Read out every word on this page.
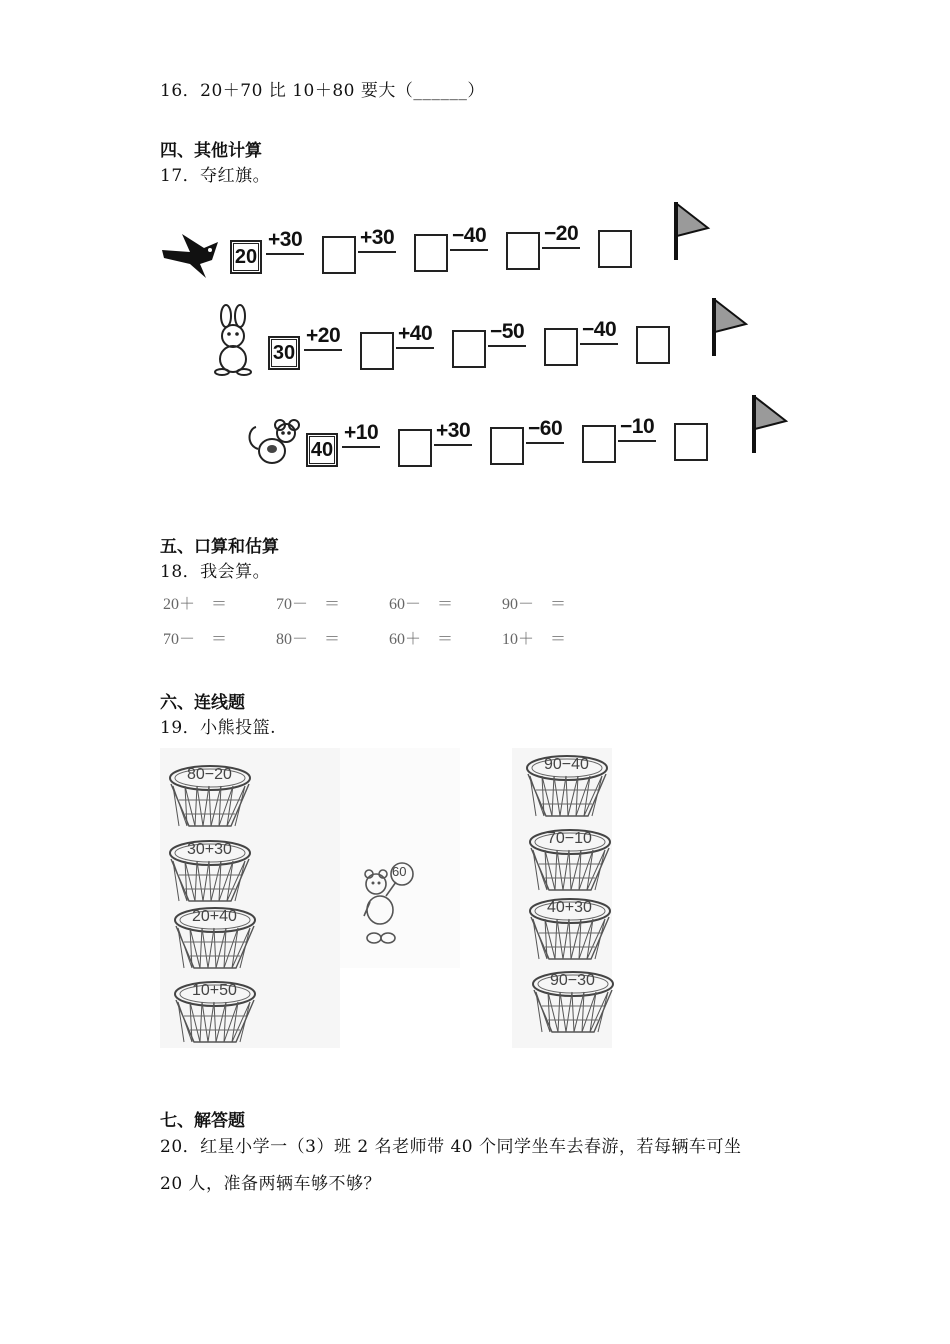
16．20＋70 比 10＋80 要大（______）
四、其他计算
17．夺红旗。
20
+30	+30	−40	−20
30
+20	+40	−50	−40
40
+10	+30	−60	−10
五、口算和估算
18．我会算。
20＋　＝	70－　＝	60－　＝	90－　＝
70－　＝	80－　＝	60＋　＝	10＋　＝
六、连线题
19．小熊投篮.
80−20
30+30
20+40
10+50
90−40
70−10
40+30
90−30
60
七、解答题
20．红星小学一（3）班 2 名老师带 40 个同学坐车去春游，若每辆车可坐
20 人，准备两辆车够不够？
